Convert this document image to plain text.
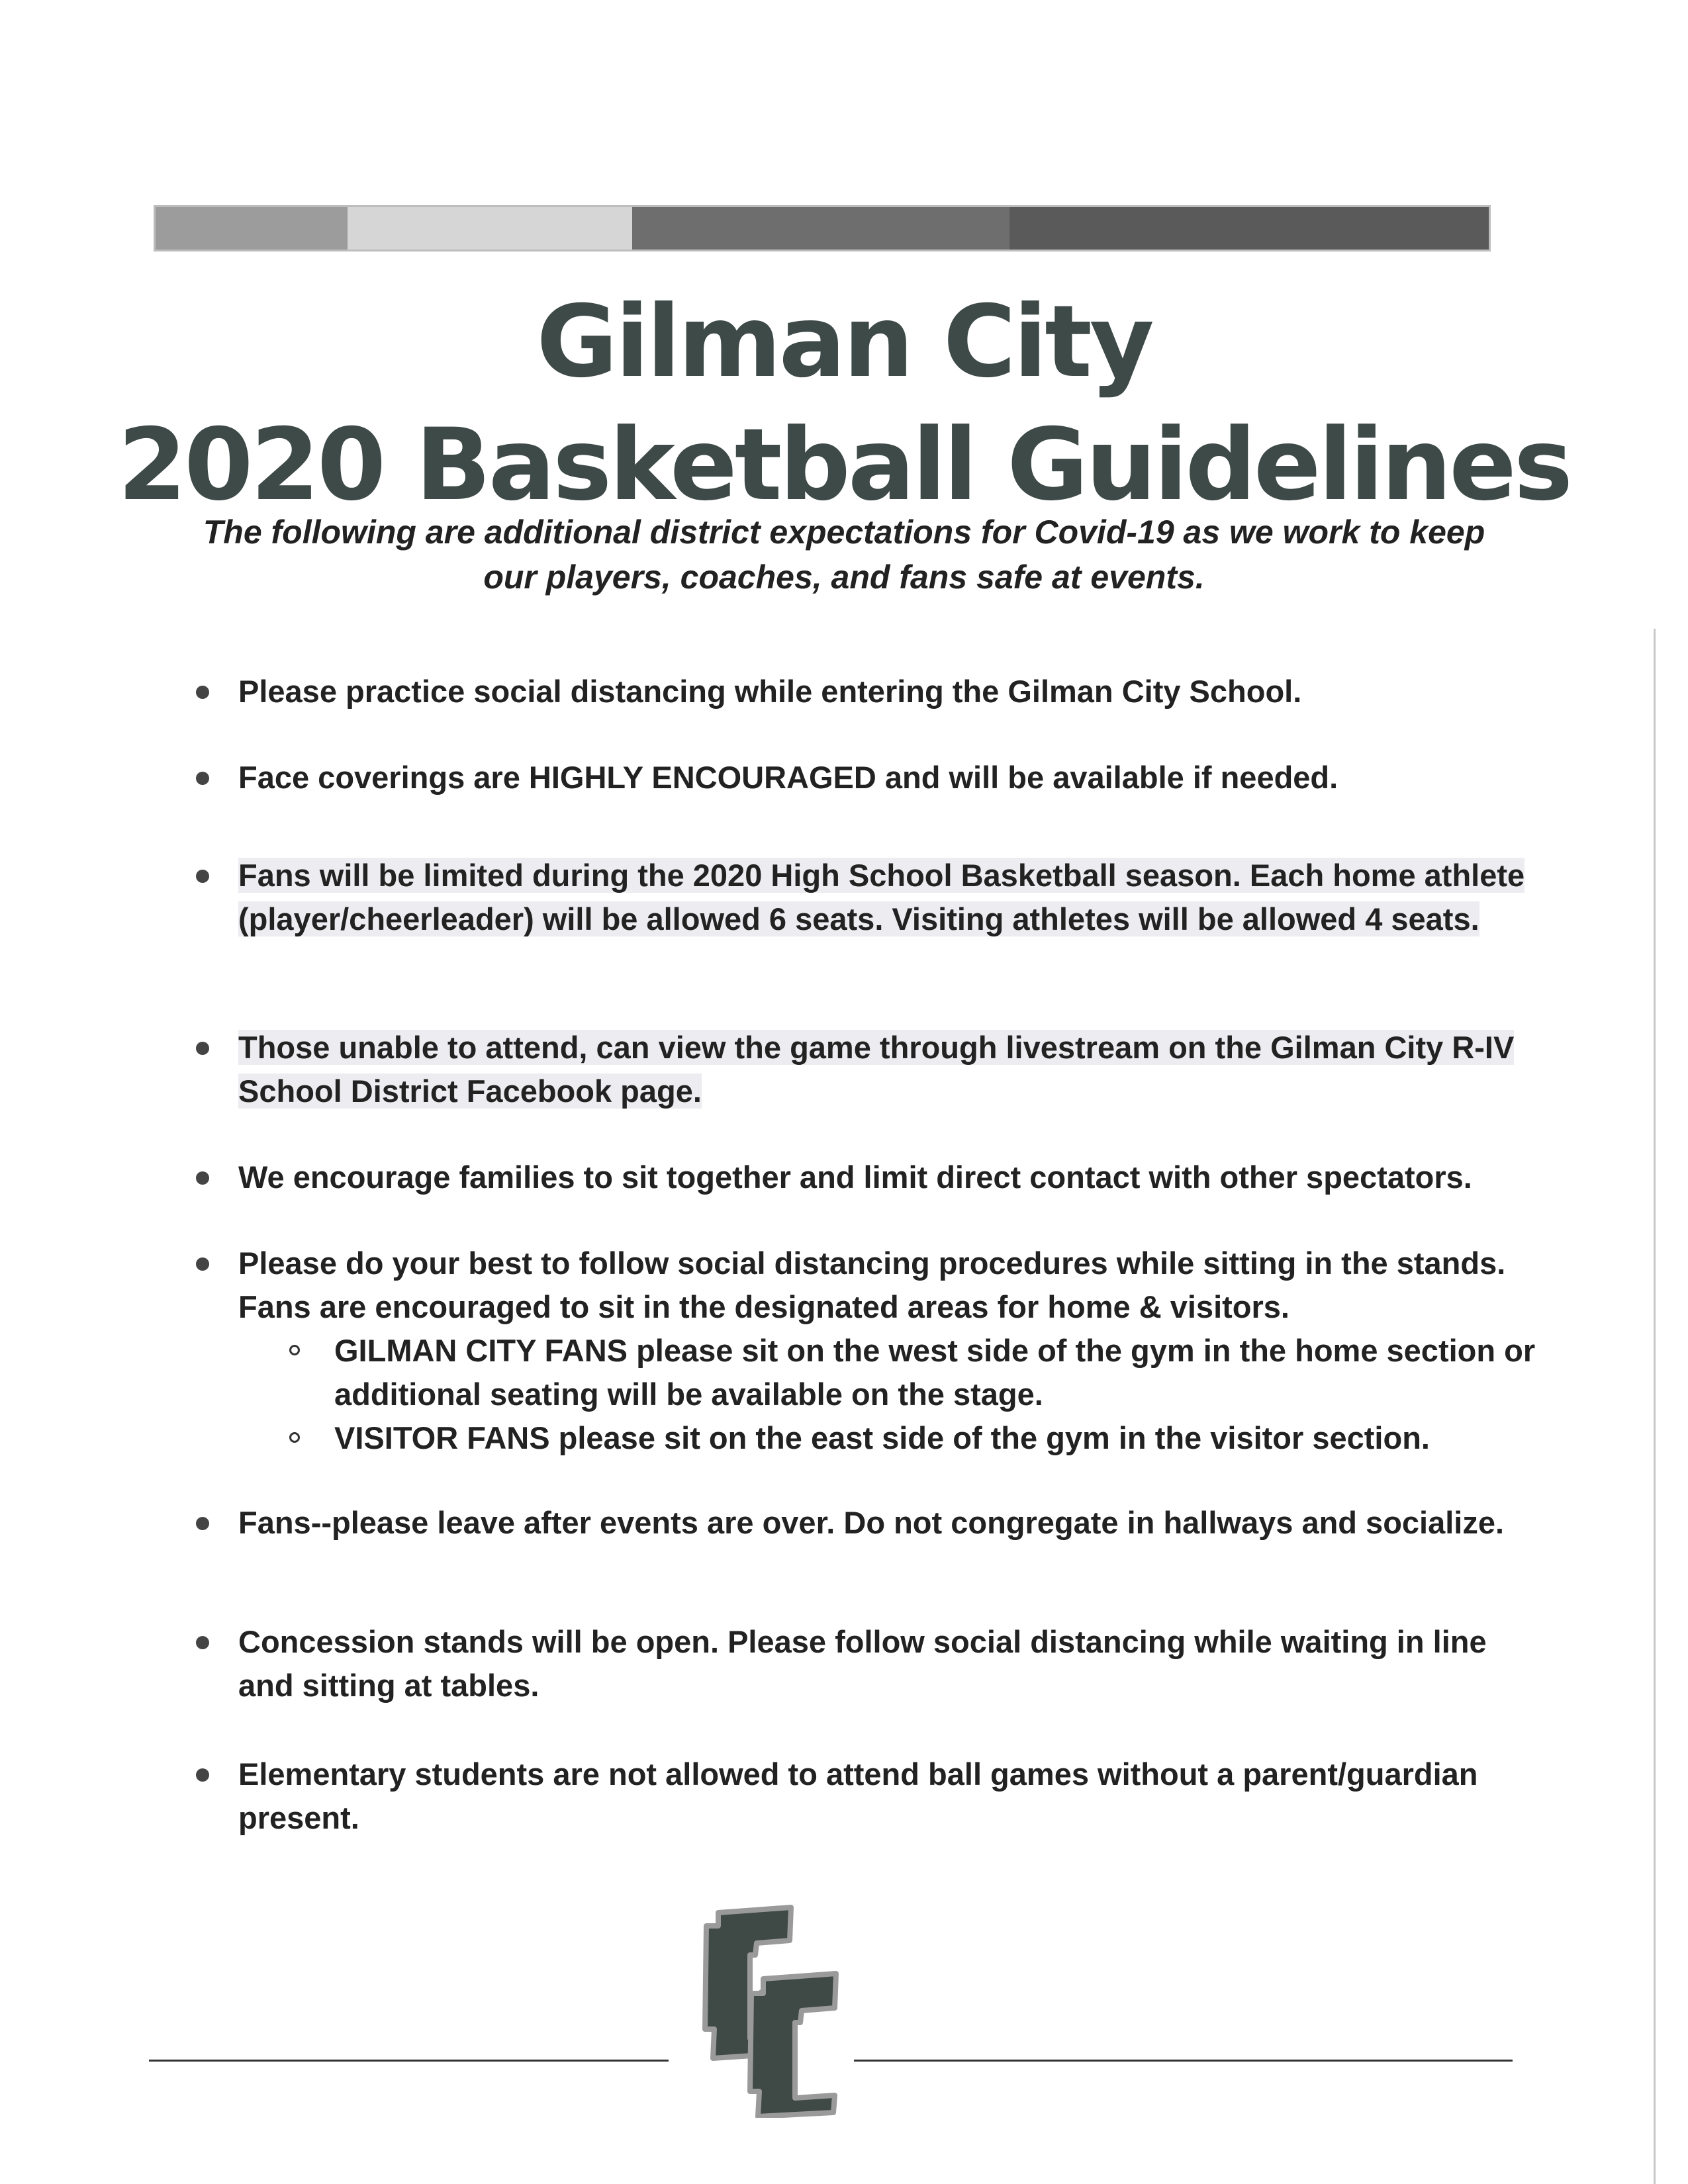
Gilman City
2020 Basketball Guidelines

The following are additional district expectations for Covid-19 as we work to keep our players, coaches, and fans safe at events.

Please practice social distancing while entering the Gilman City School.
Face coverings are HIGHLY ENCOURAGED and will be available if needed.
Fans will be limited during the 2020 High School Basketball season. Each home athlete (player/cheerleader) will be allowed 6 seats. Visiting athletes will be allowed 4 seats.
Those unable to attend, can view the game through livestream on the Gilman City R-IV School District Facebook page.
We encourage families to sit together and limit direct contact with other spectators.
Please do your best to follow social distancing procedures while sitting in the stands. Fans are encouraged to sit in the designated areas for home & visitors.
GILMAN CITY FANS please sit on the west side of the gym in the home section or additional seating will be available on the stage.
VISITOR FANS please sit on the east side of the gym in the visitor section.
Fans--please leave after events are over. Do not congregate in hallways and socialize.
Concession stands will be open. Please follow social distancing while waiting in line and sitting at tables.
Elementary students are not allowed to attend ball games without a parent/guardian present.
